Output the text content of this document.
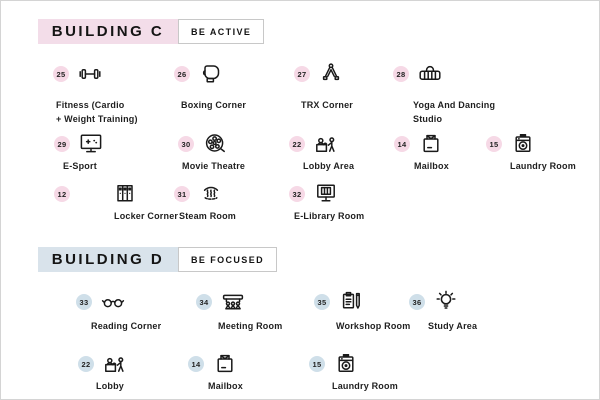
BUILDING C	BE ACTIVE
25
Fitness (Cardio
+ Weight Training)
26
Boxing Corner
27
TRX Corner
28
Yoga And Dancing
Studio
29
E-Sport
30
Movie Theatre
22
Lobby Area
14
Mailbox
15
Laundry Room
12
Locker Corner
31
Steam Room
32
E-Library Room
BUILDING D	BE FOCUSED
33
Reading Corner
34
Meeting Room
35
Workshop Room
36
Study Area
22
Lobby
14
Mailbox
15
Laundry Room
